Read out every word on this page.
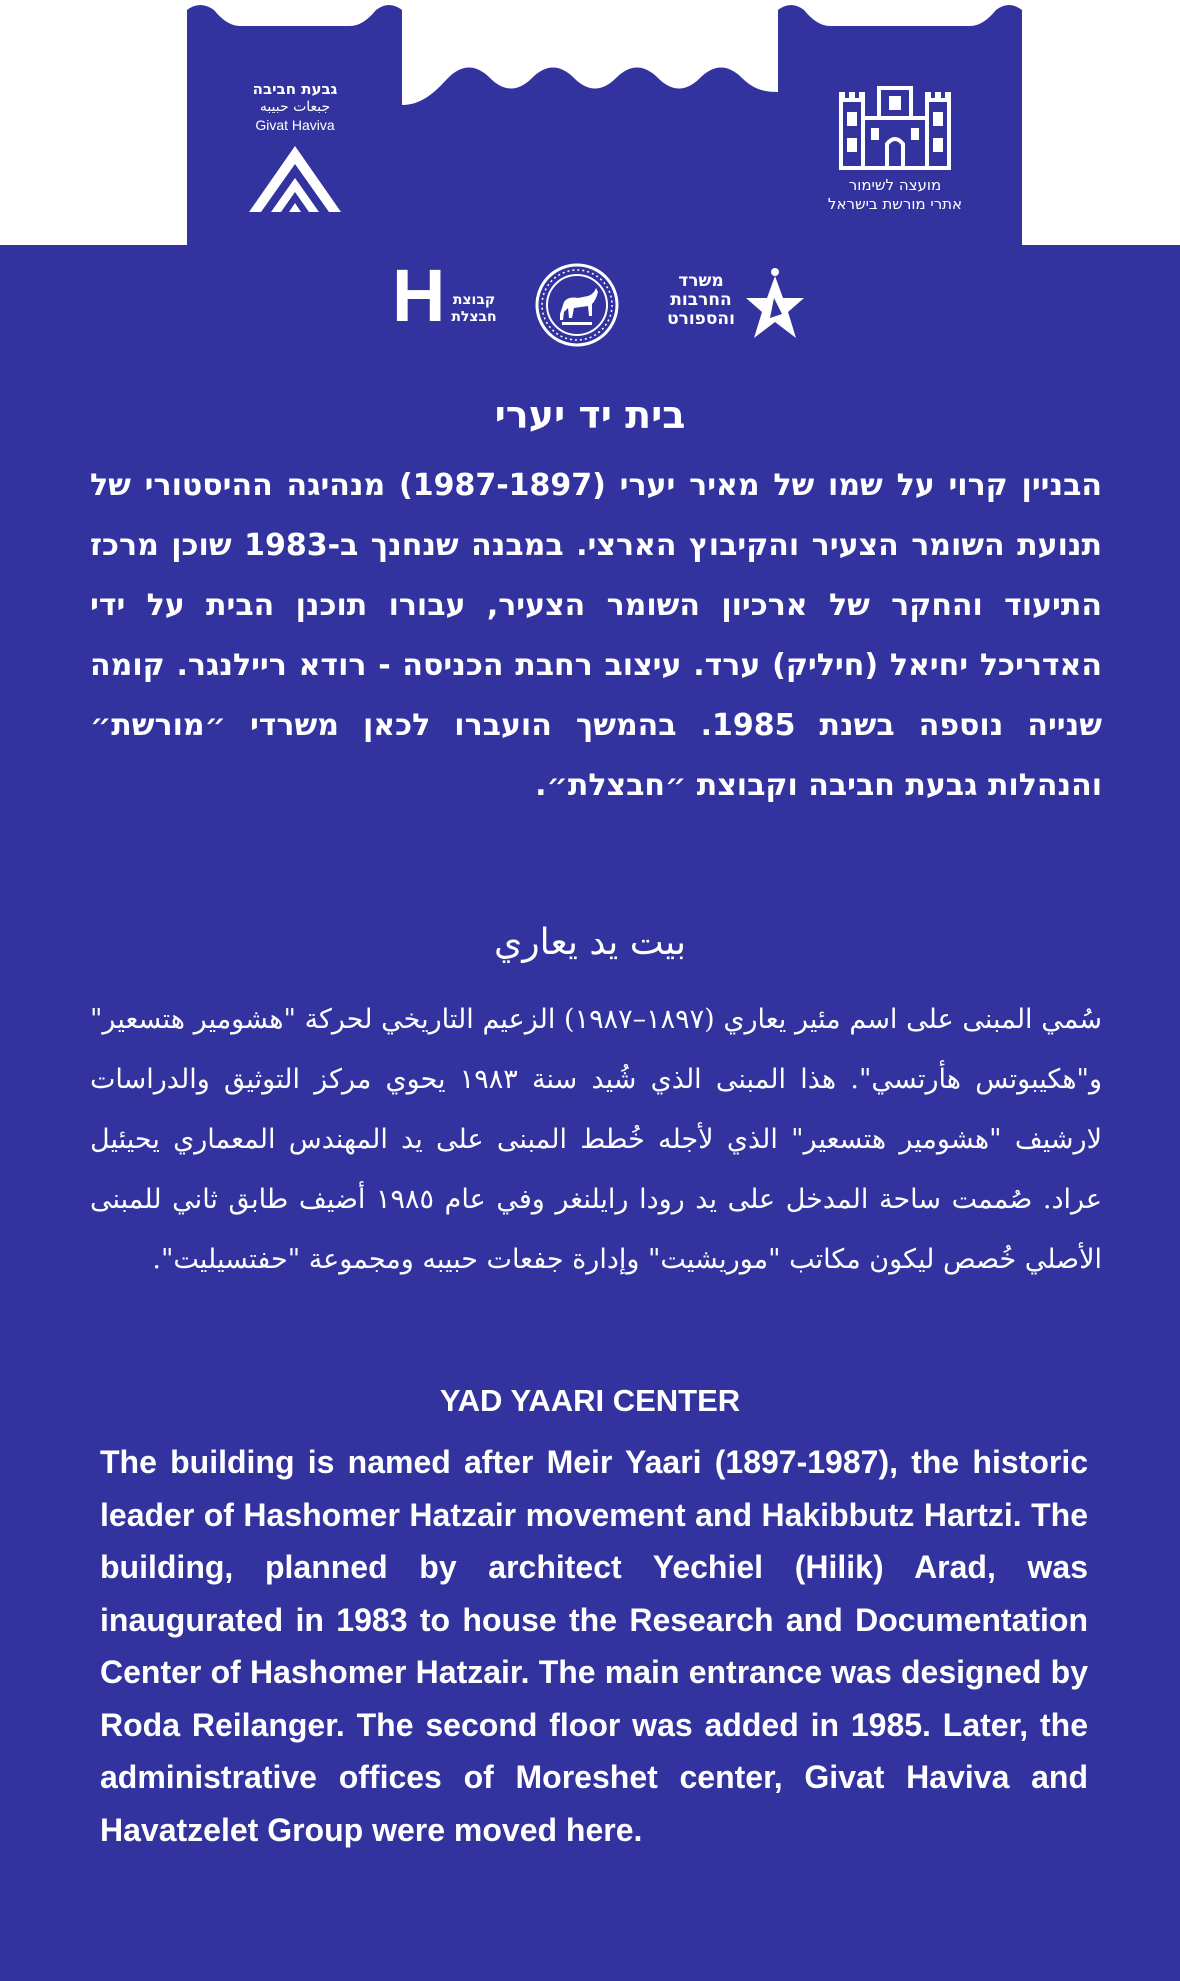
גבעת חביבה
جبعات حبيبه
Givat Haviva
מועצה לשימור
אתרי מורשת בישראל
H קבוצת חבצלת
משרד החרבות והספורט
בית יד יערי

הבניין קרוי על שמו של מאיר יערי (1987-1897) מנהיגה ההיסטורי של תנועת השומר הצעיר והקיבוץ הארצי. במבנה שנחנך ב-1983 שוכן מרכז התיעוד והחקר של ארכיון השומר הצעיר, עבורו תוכנן הבית על ידי האדריכל יחיאל (חיליק) ערד. עיצוב רחבת הכניסה - רודא ריילנגר. קומה שנייה נוספה בשנת 1985. בהמשך הועברו לכאן משרדי ״מורשת״ והנהלות גבעת חביבה וקבוצת ״חבצלת״.

بيت يد يعاري

سُمي المبنى على اسم مئير يعاري (١٨٩٧–١٩٨٧) الزعيم التاريخي لحركة "هشومير هتسعير" و"هكيبوتس هأرتسي". هذا المبنى الذي شُيد سنة ١٩٨٣ يحوي مركز التوثيق والدراسات لارشيف "هشومير هتسعير" الذي لأجله خُطط المبنى على يد المهندس المعماري يحيئيل عراد. صُممت ساحة المدخل على يد رودا رايلنغر وفي عام ١٩٨٥ أضيف طابق ثاني للمبنى الأصلي خُصص ليكون مكاتب "موريشيت" وإدارة جفعات حبيبه ومجموعة "حفتسيليت".

YAD YAARI CENTER

The building is named after Meir Yaari (1897-1987), the historic leader of Hashomer Hatzair movement and Hakibbutz Hartzi. The building, planned by architect Yechiel (Hilik) Arad, was inaugurated in 1983 to house the Research and Documentation Center of Hashomer Hatzair. The main entrance was designed by Roda Reilanger. The second floor was added in 1985. Later, the administrative offices of Moreshet center, Givat Haviva and Havatzelet Group were moved here.
